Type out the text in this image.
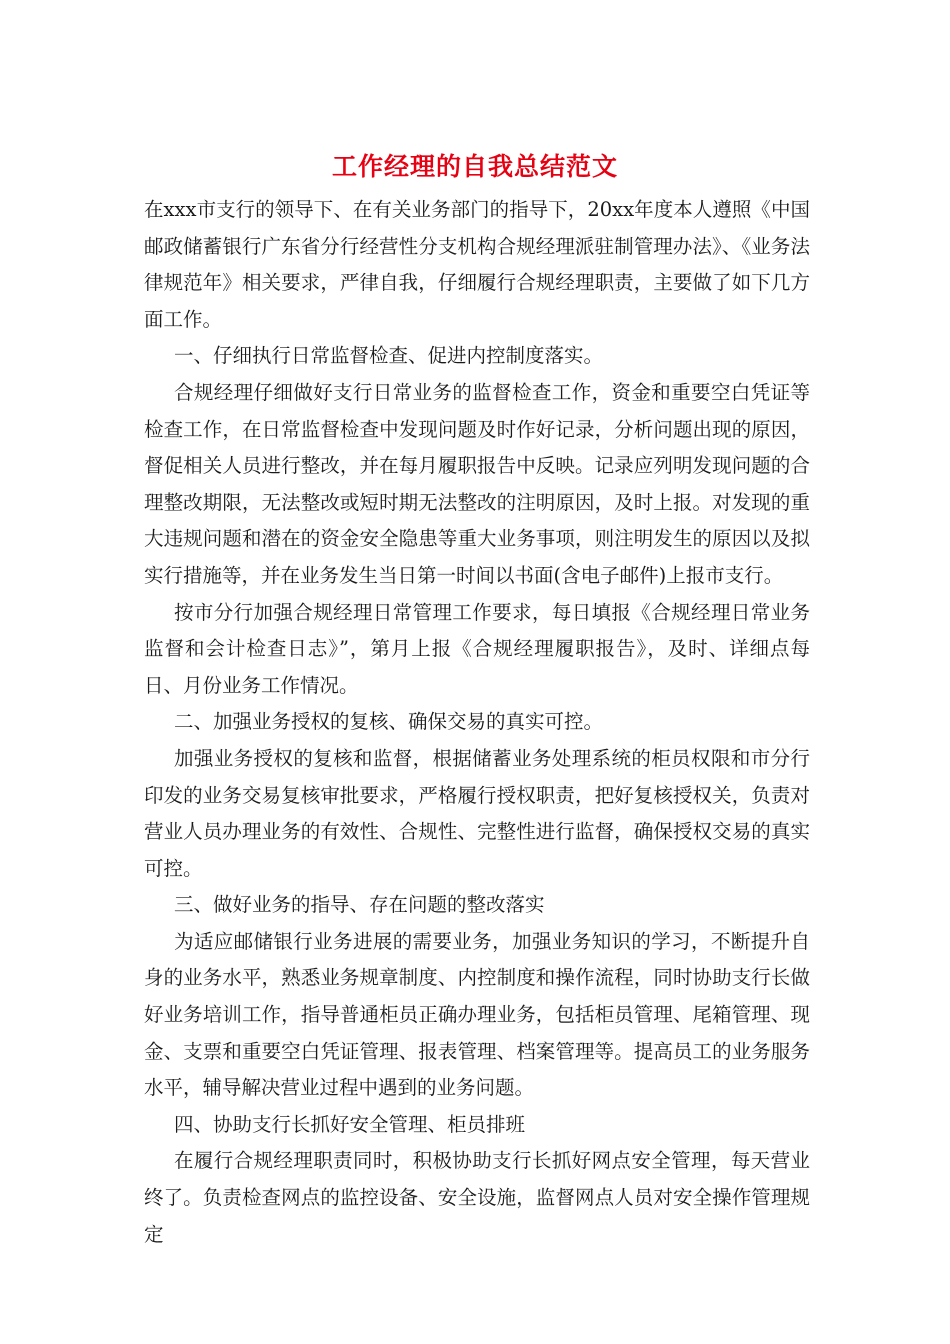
工作经理的自我总结范文

在xxx市支行的领导下、在有关业务部门的指导下，20xx年度本人遵照《中国邮政储蓄银行广东省分行经营性分支机构合规经理派驻制管理办法》、《业务法律规范年》相关要求，严律自我，仔细履行合规经理职责，主要做了如下几方面工作。

一、仔细执行日常监督检查、促进内控制度落实。

合规经理仔细做好支行日常业务的监督检查工作，资金和重要空白凭证等检查工作，在日常监督检查中发现问题及时作好记录，分析问题出现的原因，督促相关人员进行整改，并在每月履职报告中反映。记录应列明发现问题的合理整改期限，无法整改或短时期无法整改的注明原因，及时上报。对发现的重大违规问题和潜在的资金安全隐患等重大业务事项，则注明发生的原因以及拟实行措施等，并在业务发生当日第一时间以书面(含电子邮件)上报市支行。

按市分行加强合规经理日常管理工作要求，每日填报《合规经理日常业务监督和会计检查日志》”，第月上报《合规经理履职报告》，及时、详细点每日、月份业务工作情况。

二、加强业务授权的复核、确保交易的真实可控。

加强业务授权的复核和监督，根据储蓄业务处理系统的柜员权限和市分行印发的业务交易复核审批要求，严格履行授权职责，把好复核授权关，负责对营业人员办理业务的有效性、合规性、完整性进行监督，确保授权交易的真实可控。

三、做好业务的指导、存在问题的整改落实

为适应邮储银行业务进展的需要业务，加强业务知识的学习，不断提升自身的业务水平，熟悉业务规章制度、内控制度和操作流程，同时协助支行长做好业务培训工作，指导普通柜员正确办理业务，包括柜员管理、尾箱管理、现金、支票和重要空白凭证管理、报表管理、档案管理等。提高员工的业务服务水平，辅导解决营业过程中遇到的业务问题。

四、协助支行长抓好安全管理、柜员排班

在履行合规经理职责同时，积极协助支行长抓好网点安全管理，每天营业终了。负责检查网点的监控设备、安全设施，监督网点人员对安全操作管理规定
